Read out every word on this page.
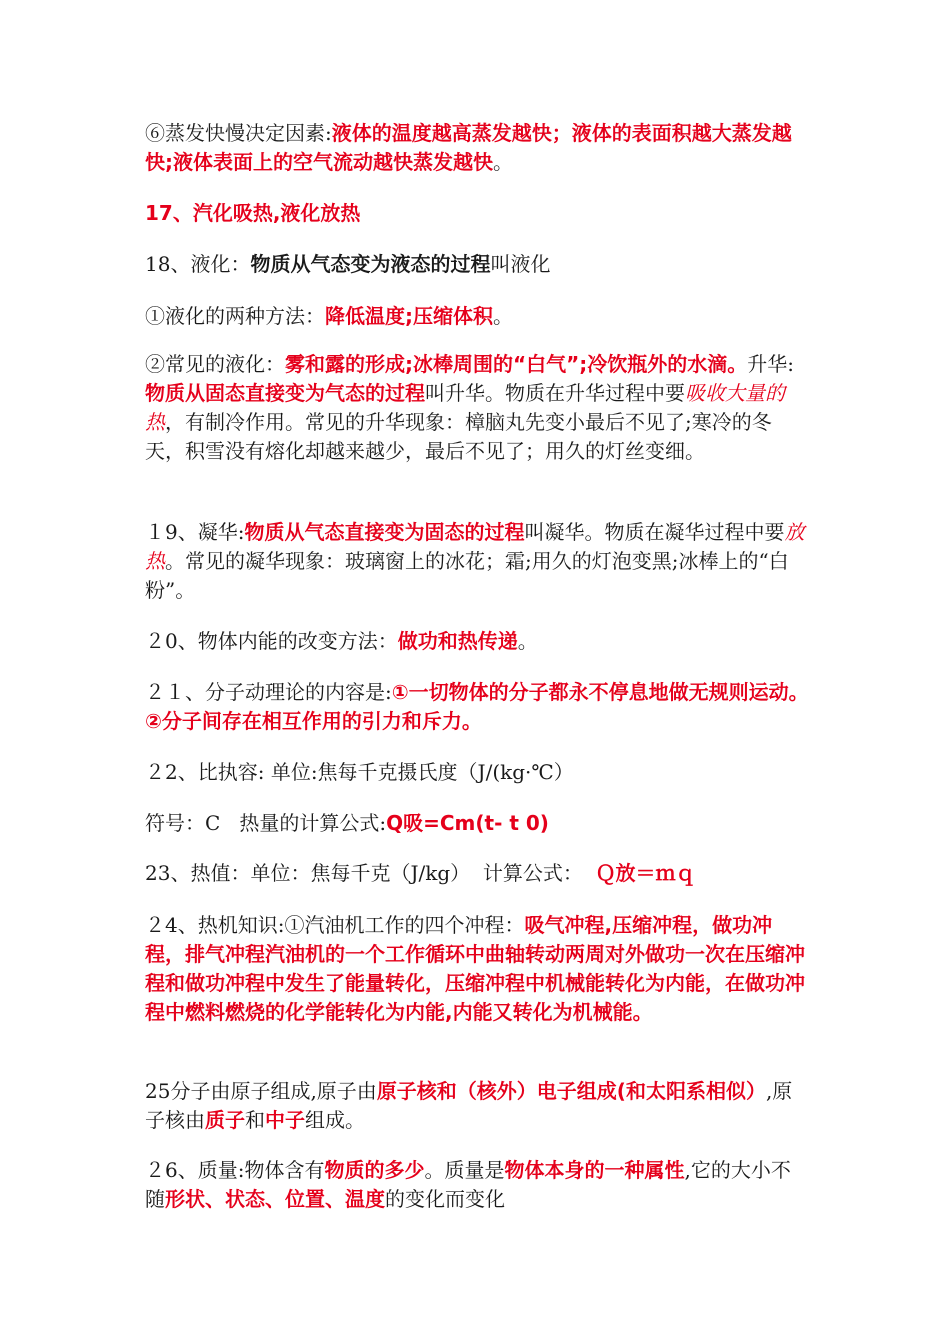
⑥蒸发快慢决定因素:液体的温度越高蒸发越快；液体的表面积越大蒸发越快;液体表面上的空气流动越快蒸发越快。

17、汽化吸热,液化放热

18、液化：物质从气态变为液态的过程叫液化

①液化的两种方法：降低温度;压缩体积。

②常见的液化：雾和露的形成;冰棒周围的“白气”;冷饮瓶外的水滴。升华:物质从固态直接变为气态的过程叫升华。物质在升华过程中要吸收大量的热，有制冷作用。常见的升华现象：樟脑丸先变小最后不见了;寒冷的冬天，积雪没有熔化却越来越少，最后不见了；用久的灯丝变细。

１9、凝华:物质从气态直接变为固态的过程叫凝华。物质在凝华过程中要放热。常见的凝华现象：玻璃窗上的冰花；霜;用久的灯泡变黑;冰棒上的“白粉”。

２0、物体内能的改变方法：做功和热传递。

２１、分子动理论的内容是:①一切物体的分子都永不停息地做无规则运动。②分子间存在相互作用的引力和斥力。

２2、比执容: 单位:焦每千克摄氏度（J/(kg·℃）

符号：C   热量的计算公式:Q吸=Cm(t- t 0)

23、热值：单位：焦每千克（J/kg）  计算公式：  Ｑ放＝ｍｑ

２4、热机知识:①汽油机工作的四个冲程：吸气冲程,压缩冲程，做功冲程，排气冲程汽油机的一个工作循环中曲轴转动两周对外做功一次在压缩冲程和做功冲程中发生了能量转化，压缩冲程中机械能转化为内能，在做功冲程中燃料燃烧的化学能转化为内能,内能又转化为机械能。

25分子由原子组成,原子由原子核和（核外）电子组成(和太阳系相似）,原子核由质子和中子组成。

２6、质量:物体含有物质的多少。质量是物体本身的一种属性,它的大小不随形状、状态、位置、温度的变化而变化
